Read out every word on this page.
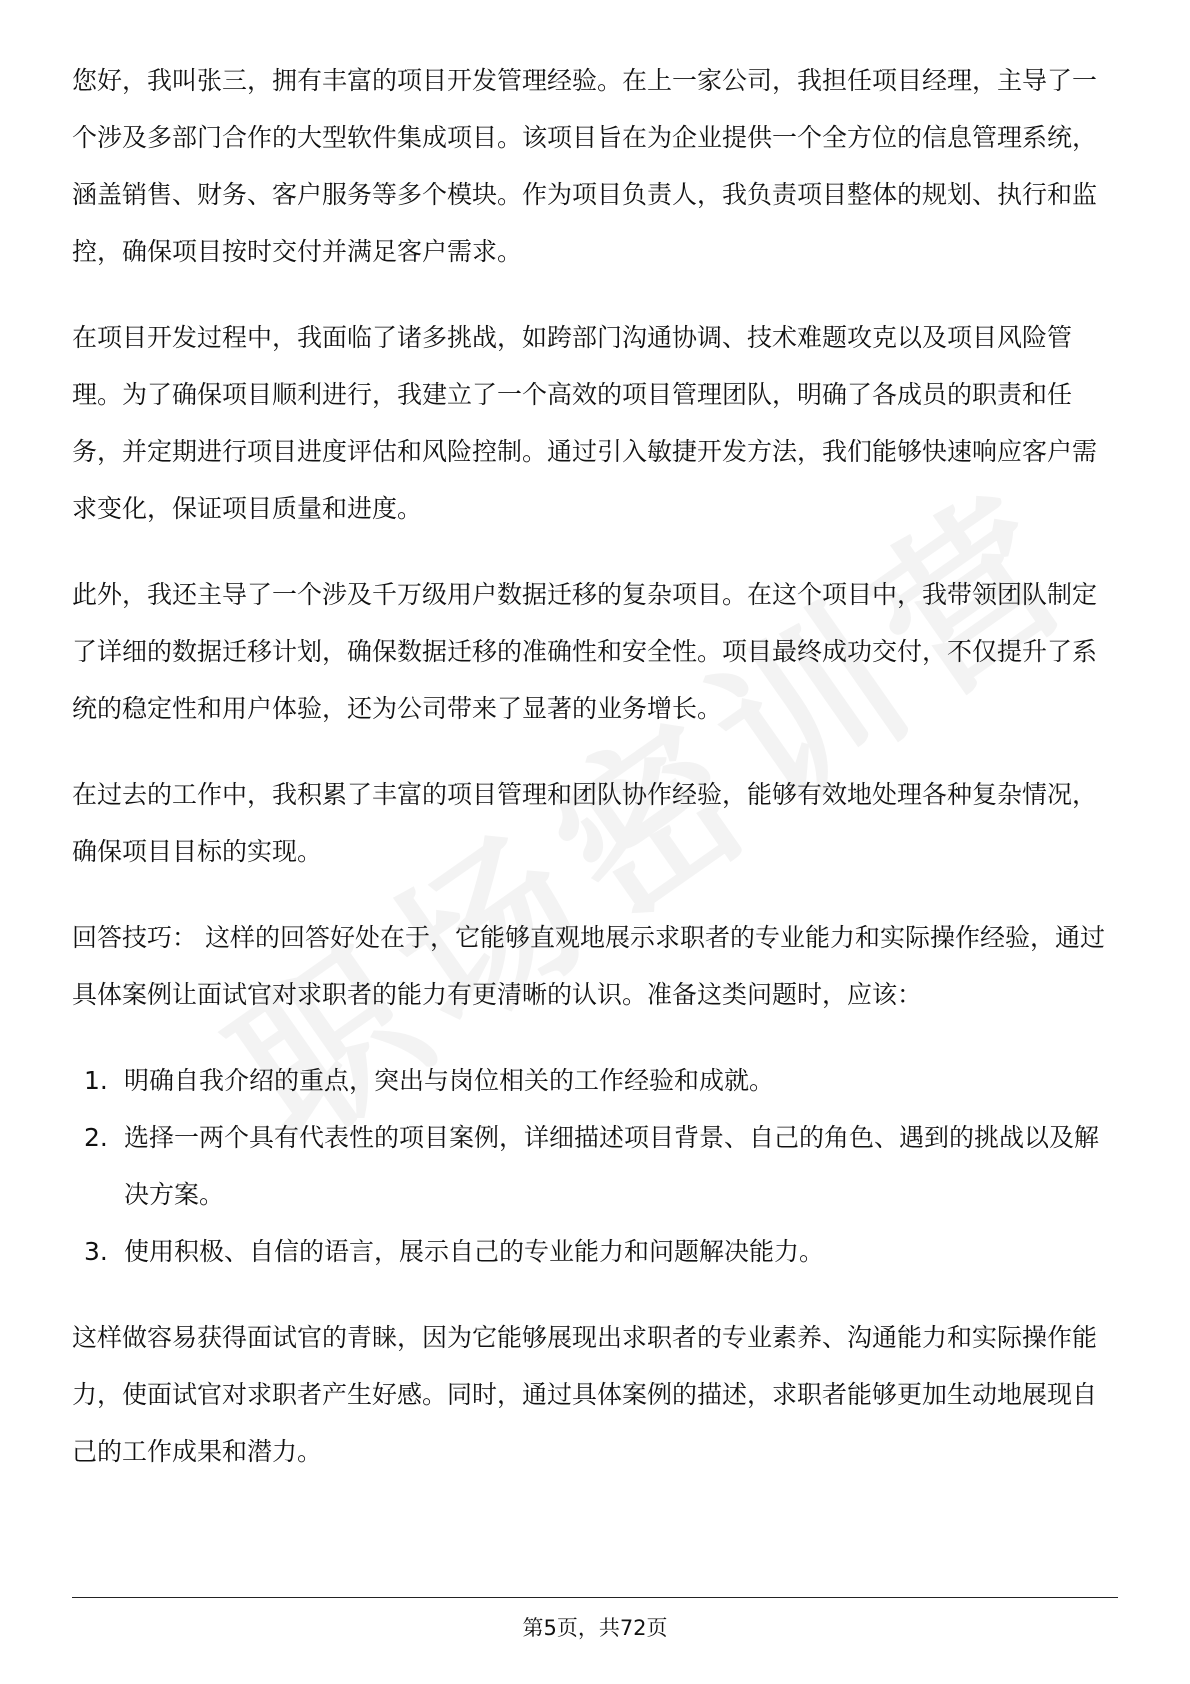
您好，我叫张三，拥有丰富的项目开发管理经验。在上一家公司，我担任项目经理，主导了一个涉及多部门合作的大型软件集成项目。该项目旨在为企业提供一个全方位的信息管理系统，涵盖销售、财务、客户服务等多个模块。作为项目负责人，我负责项目整体的规划、执行和监控，确保项目按时交付并满足客户需求。

在项目开发过程中，我面临了诸多挑战，如跨部门沟通协调、技术难题攻克以及项目风险管理。为了确保项目顺利进行，我建立了一个高效的项目管理团队，明确了各成员的职责和任务，并定期进行项目进度评估和风险控制。通过引入敏捷开发方法，我们能够快速响应客户需求变化，保证项目质量和进度。

此外，我还主导了一个涉及千万级用户数据迁移的复杂项目。在这个项目中，我带领团队制定了详细的数据迁移计划，确保数据迁移的准确性和安全性。项目最终成功交付，不仅提升了系统的稳定性和用户体验，还为公司带来了显著的业务增长。

在过去的工作中，我积累了丰富的项目管理和团队协作经验，能够有效地处理各种复杂情况，确保项目目标的实现。

回答技巧： 这样的回答好处在于，它能够直观地展示求职者的专业能力和实际操作经验，通过具体案例让面试官对求职者的能力有更清晰的认识。准备这类问题时，应该：

1. 明确自我介绍的重点，突出与岗位相关的工作经验和成就。
2. 选择一两个具有代表性的项目案例，详细描述项目背景、自己的角色、遇到的挑战以及解决方案。
3. 使用积极、自信的语言，展示自己的专业能力和问题解决能力。

这样做容易获得面试官的青睐，因为它能够展现出求职者的专业素养、沟通能力和实际操作能力，使面试官对求职者产生好感。同时，通过具体案例的描述，求职者能够更加生动地展现自己的工作成果和潜力。

第5页，共72页
